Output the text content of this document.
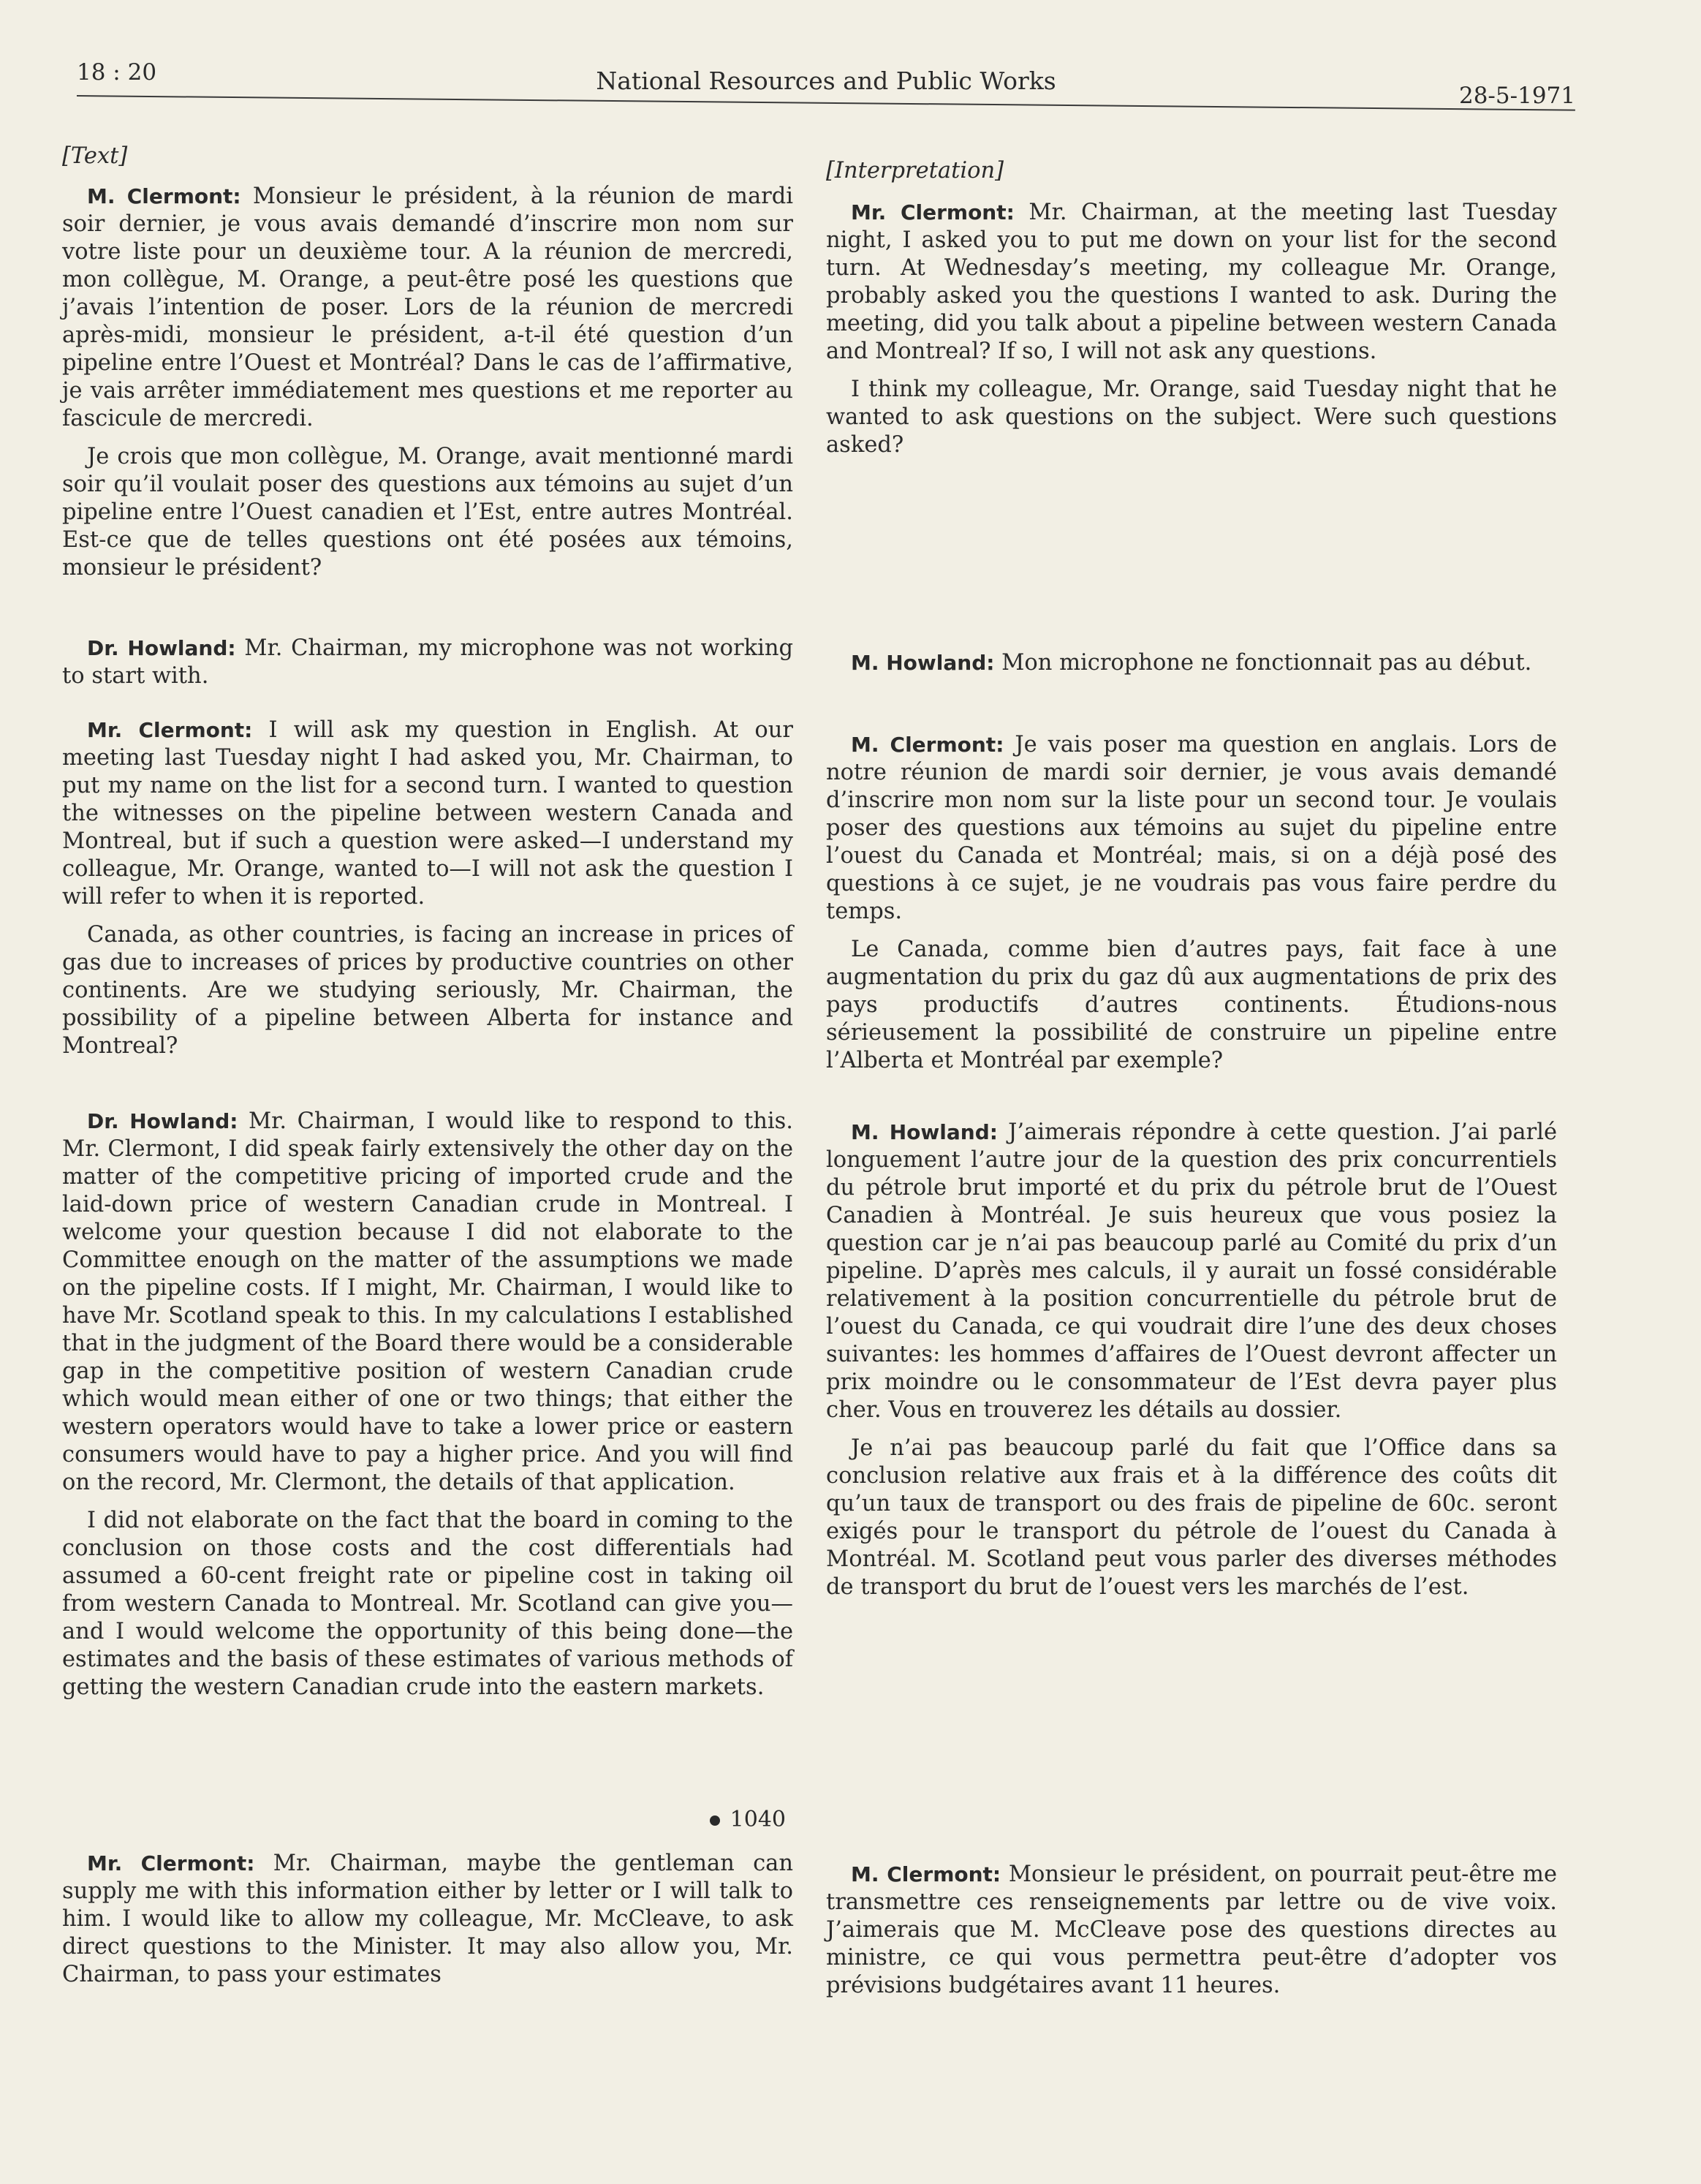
18 : 20	National Resources and Public Works
28-5-1971

[Text]

M. Clermont: Monsieur le président, à la réunion de mardi soir dernier, je vous avais demandé d’inscrire mon nom sur votre liste pour un deuxième tour. A la réunion de mercredi, mon collègue, M. Orange, a peut-être posé les questions que j’avais l’intention de poser. Lors de la réunion de mercredi après-midi, monsieur le président, a-t-il été question d’un pipeline entre l’Ouest et Montréal? Dans le cas de l’affirmative, je vais arrêter immédiatement mes questions et me reporter au fascicule de mercredi.

Je crois que mon collègue, M. Orange, avait mentionné mardi soir qu’il voulait poser des questions aux témoins au sujet d’un pipeline entre l’Ouest canadien et l’Est, entre autres Montréal. Est-ce que de telles questions ont été posées aux témoins, monsieur le président?

Dr. Howland: Mr. Chairman, my microphone was not working to start with.

Mr. Clermont: I will ask my question in English. At our meeting last Tuesday night I had asked you, Mr. Chairman, to put my name on the list for a second turn. I wanted to question the witnesses on the pipeline between western Canada and Montreal, but if such a question were asked—I understand my colleague, Mr. Orange, wanted to—I will not ask the question I will refer to when it is reported.

Canada, as other countries, is facing an increase in prices of gas due to increases of prices by productive countries on other continents. Are we studying seriously, Mr. Chairman, the possibility of a pipeline between Alberta for instance and Montreal?

Dr. Howland: Mr. Chairman, I would like to respond to this. Mr. Clermont, I did speak fairly extensively the other day on the matter of the competitive pricing of imported crude and the laid-down price of western Canadian crude in Montreal. I welcome your question because I did not elaborate to the Committee enough on the matter of the assumptions we made on the pipeline costs. If I might, Mr. Chairman, I would like to have Mr. Scotland speak to this. In my calculations I established that in the judgment of the Board there would be a considerable gap in the competitive position of western Canadian crude which would mean either of one or two things; that either the western operators would have to take a lower price or eastern consumers would have to pay a higher price. And you will find on the record, Mr. Clermont, the details of that application.

I did not elaborate on the fact that the board in coming to the conclusion on those costs and the cost differentials had assumed a 60-cent freight rate or pipeline cost in taking oil from western Canada to Montreal. Mr. Scotland can give you—and I would welcome the opportunity of this being done—the estimates and the basis of these estimates of various methods of getting the western Canadian crude into the eastern markets.

1040

Mr. Clermont: Mr. Chairman, maybe the gentleman can supply me with this information either by letter or I will talk to him. I would like to allow my colleague, Mr. McCleave, to ask direct questions to the Minister. It may also allow you, Mr. Chairman, to pass your estimates

[Interpretation]

Mr. Clermont: Mr. Chairman, at the meeting last Tuesday night, I asked you to put me down on your list for the second turn. At Wednesday’s meeting, my colleague Mr. Orange, probably asked you the questions I wanted to ask. During the meeting, did you talk about a pipeline between western Canada and Montreal? If so, I will not ask any questions.

I think my colleague, Mr. Orange, said Tuesday night that he wanted to ask questions on the subject. Were such questions asked?

M. Howland: Mon microphone ne fonctionnait pas au début.

M. Clermont: Je vais poser ma question en anglais. Lors de notre réunion de mardi soir dernier, je vous avais demandé d’inscrire mon nom sur la liste pour un second tour. Je voulais poser des questions aux témoins au sujet du pipeline entre l’ouest du Canada et Montréal; mais, si on a déjà posé des questions à ce sujet, je ne voudrais pas vous faire perdre du temps.

Le Canada, comme bien d’autres pays, fait face à une augmentation du prix du gaz dû aux augmentations de prix des pays productifs d’autres continents. Étudions-nous sérieusement la possibilité de construire un pipeline entre l’Alberta et Montréal par exemple?

M. Howland: J’aimerais répondre à cette question. J’ai parlé longuement l’autre jour de la question des prix concurrentiels du pétrole brut importé et du prix du pétrole brut de l’Ouest Canadien à Montréal. Je suis heureux que vous posiez la question car je n’ai pas beaucoup parlé au Comité du prix d’un pipeline. D’après mes calculs, il y aurait un fossé considérable relativement à la position concurrentielle du pétrole brut de l’ouest du Canada, ce qui voudrait dire l’une des deux choses suivantes: les hommes d’affaires de l’Ouest devront affecter un prix moindre ou le consommateur de l’Est devra payer plus cher. Vous en trouverez les détails au dossier.

Je n’ai pas beaucoup parlé du fait que l’Office dans sa conclusion relative aux frais et à la différence des coûts dit qu’un taux de transport ou des frais de pipeline de 60c. seront exigés pour le transport du pétrole de l’ouest du Canada à Montréal. M. Scotland peut vous parler des diverses méthodes de transport du brut de l’ouest vers les marchés de l’est.

M. Clermont: Monsieur le président, on pourrait peut-être me transmettre ces renseignements par lettre ou de vive voix. J’aimerais que M. McCleave pose des questions directes au ministre, ce qui vous permettra peut-être d’adopter vos prévisions budgétaires avant 11 heures.
